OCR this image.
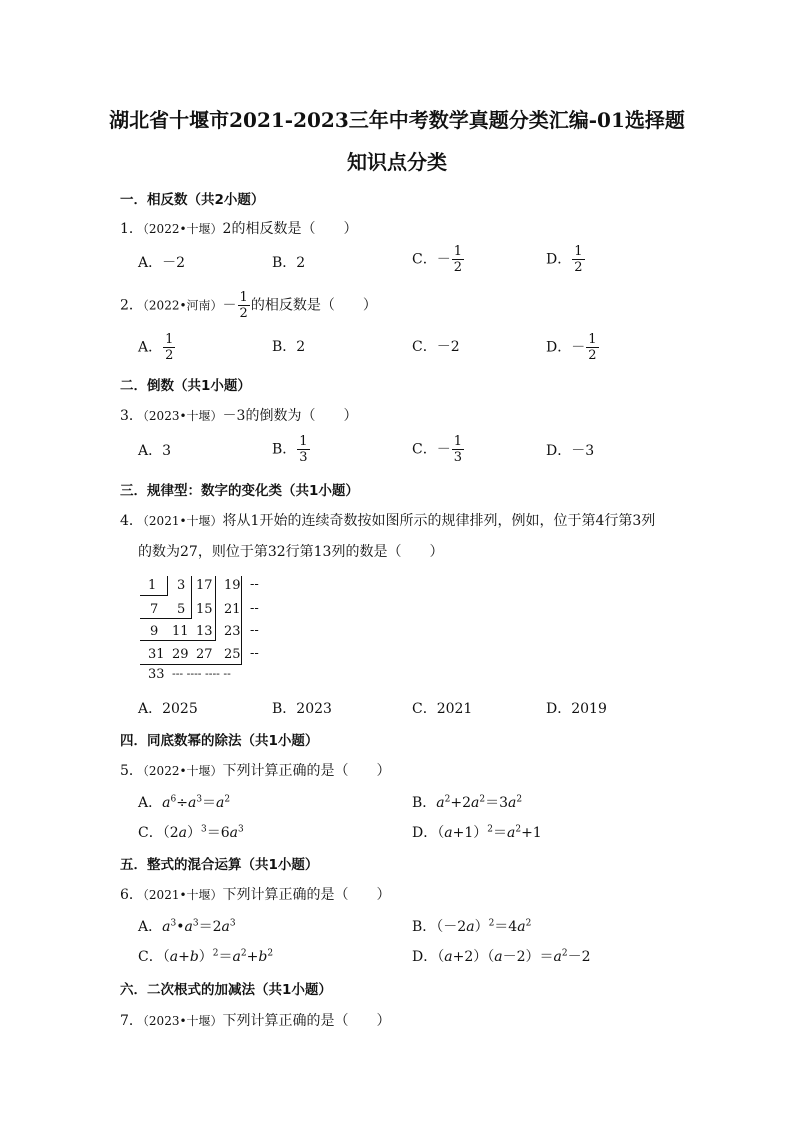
湖北省十堰市2021-2023三年中考数学真题分类汇编-01选择题
知识点分类
一．相反数（共2小题）
1．（2022•十堰）2的相反数是（　　）
A．－2	B．2	C．－ $\frac{1}{2}$	D． $\frac{1}{2}$
2．（2022•河南）－ $\frac{1}{2}$ 的相反数是（　　）
A． $\frac{1}{2}$	B．2	C．－2	D．－ $\frac{1}{2}$
二．倒数（共1小题）
3．（2023•十堰）－3的倒数为（　　）
A．3	B． $\frac{1}{3}$	C．－ $\frac{1}{3}$	D．－3
三．规律型：数字的变化类（共1小题）
4．（2021•十堰）将从1开始的连续奇数按如图所示的规律排列，例如，位于第4行第3列
的数为27，则位于第32行第13列的数是（　　）
1 3 17 19 --
7 5 15 21 --
9 11 13 23 --
31 29 27 25 --
33 --- ---- ---- --
A．2025	B．2023	C．2021	D．2019
四．同底数幂的除法（共1小题）
5．（2022•十堰）下列计算正确的是（　　）
A．$a^6\div a^3=a^2$	B．$a^2+2a^2=3a^2$
C．$(2a)^3=6a^3$	D．$(a+1)^2=a^2+1$
五．整式的混合运算（共1小题）
6．（2021•十堰）下列计算正确的是（　　）
A．$a^3•a^3=2a^3$	B．$(-2a)^2=4a^2$
C．$(a+b)^2=a^2+b^2$	D．$(a+2)(a-2)=a^2-2$
六．二次根式的加减法（共1小题）
7．（2023•十堰）下列计算正确的是（　　）
